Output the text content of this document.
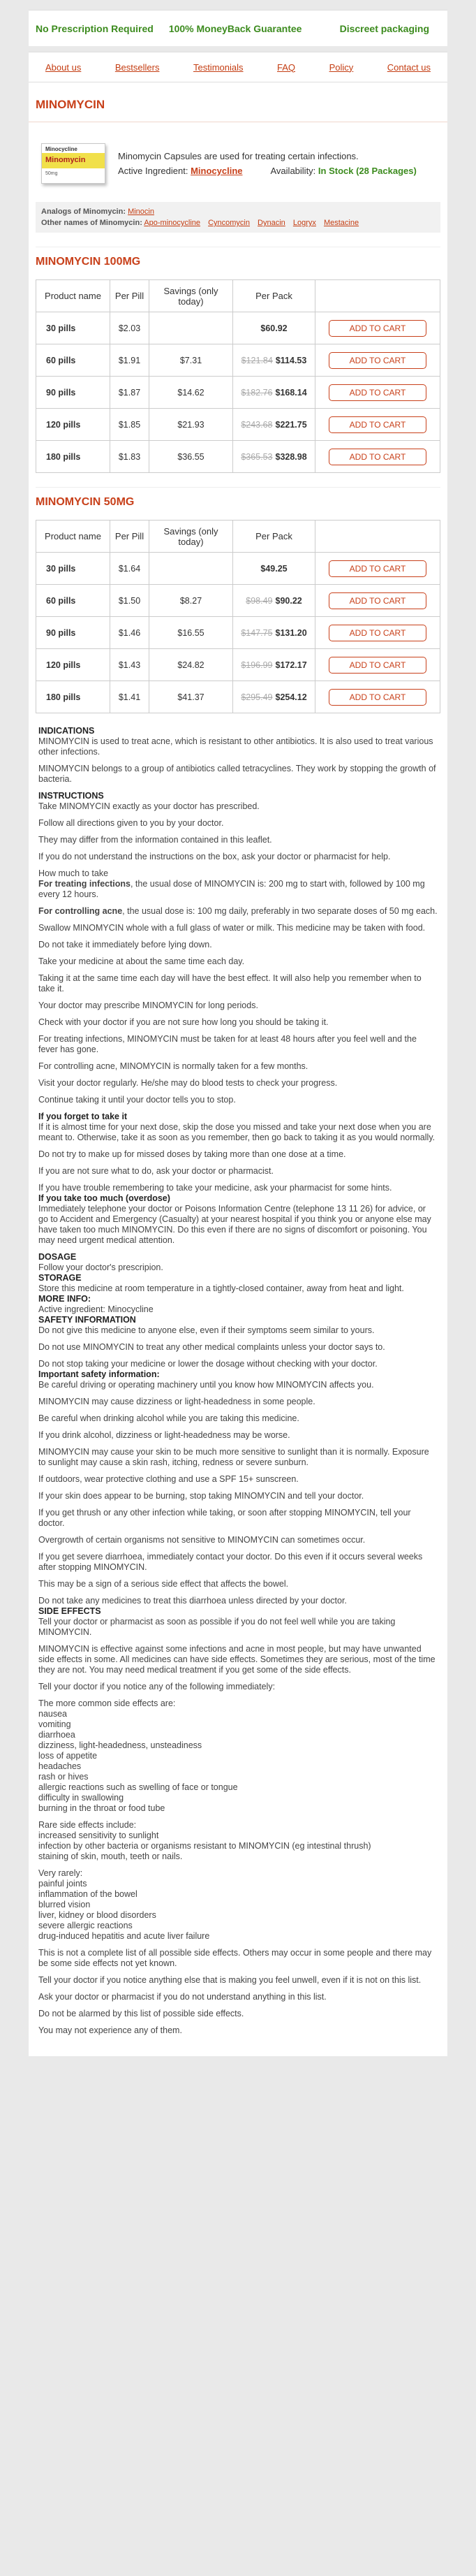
No Prescription Required 100% MoneyBack Guarantee	Discreet packaging
About us	Bestsellers	Testimonials	FAQ	Policy	Contact us
MINOMYCIN
Minocycline
Minomycin
50mg
Minomycin Capsules are used for treating certain infections.
Active Ingredient: Minocycline	Availability: In Stock (28 Packages)
Analogs of Minomycin: Minocin
Other names of Minomycin: Apo-minocycline Cyncomycin Dynacin Logryx Mestacine
MINOMYCIN 100MG
Product name	Per Pill	Savings (only today)	Per Pack	
30 pills	$2.03		$60.92	ADD TO CART
60 pills	$1.91	$7.31	$121.84 $114.53	ADD TO CART
90 pills	$1.87	$14.62	$182.76 $168.14	ADD TO CART
120 pills	$1.85	$21.93	$243.68 $221.75	ADD TO CART
180 pills	$1.83	$36.55	$365.53 $328.98	ADD TO CART
MINOMYCIN 50MG
Product name	Per Pill	Savings (only today)	Per Pack	
30 pills	$1.64		$49.25	ADD TO CART
60 pills	$1.50	$8.27	$98.49 $90.22	ADD TO CART
90 pills	$1.46	$16.55	$147.75 $131.20	ADD TO CART
120 pills	$1.43	$24.82	$196.99 $172.17	ADD TO CART
180 pills	$1.41	$41.37	$295.49 $254.12	ADD TO CART
INDICATIONS
MINOMYCIN is used to treat acne, which is resistant to other antibiotics. It is also used to treat various other infections.
MINOMYCIN belongs to a group of antibiotics called tetracyclines. They work by stopping the growth of bacteria.
INSTRUCTIONS
Take MINOMYCIN exactly as your doctor has prescribed.
Follow all directions given to you by your doctor.
They may differ from the information contained in this leaflet.
If you do not understand the instructions on the box, ask your doctor or pharmacist for help.
How much to take
For treating infections, the usual dose of MINOMYCIN is: 200 mg to start with, followed by 100 mg every 12 hours.
For controlling acne, the usual dose is: 100 mg daily, preferably in two separate doses of 50 mg each.
Swallow MINOMYCIN whole with a full glass of water or milk. This medicine may be taken with food.
Do not take it immediately before lying down.
Take your medicine at about the same time each day.
Taking it at the same time each day will have the best effect. It will also help you remember when to take it.
Your doctor may prescribe MINOMYCIN for long periods.
Check with your doctor if you are not sure how long you should be taking it.
For treating infections, MINOMYCIN must be taken for at least 48 hours after you feel well and the fever has gone.
For controlling acne, MINOMYCIN is normally taken for a few months.
Visit your doctor regularly. He/she may do blood tests to check your progress.
Continue taking it until your doctor tells you to stop.
If you forget to take it
If it is almost time for your next dose, skip the dose you missed and take your next dose when you are meant to. Otherwise, take it as soon as you remember, then go back to taking it as you would normally.
Do not try to make up for missed doses by taking more than one dose at a time.
If you are not sure what to do, ask your doctor or pharmacist.
If you have trouble remembering to take your medicine, ask your pharmacist for some hints.
If you take too much (overdose)
Immediately telephone your doctor or Poisons Information Centre (telephone 13 11 26) for advice, or go to Accident and Emergency (Casualty) at your nearest hospital if you think you or anyone else may have taken too much MINOMYCIN. Do this even if there are no signs of discomfort or poisoning. You may need urgent medical attention.
DOSAGE
Follow your doctor's prescripion.
STORAGE
Store this medicine at room temperature in a tightly-closed container, away from heat and light.
MORE INFO:
Active ingredient: Minocycline
SAFETY INFORMATION
Do not give this medicine to anyone else, even if their symptoms seem similar to yours.
Do not use MINOMYCIN to treat any other medical complaints unless your doctor says to.
Do not stop taking your medicine or lower the dosage without checking with your doctor.
Important safety information:
Be careful driving or operating machinery until you know how MINOMYCIN affects you.
MINOMYCIN may cause dizziness or light-headedness in some people.
Be careful when drinking alcohol while you are taking this medicine.
If you drink alcohol, dizziness or light-headedness may be worse.
MINOMYCIN may cause your skin to be much more sensitive to sunlight than it is normally. Exposure to sunlight may cause a skin rash, itching, redness or severe sunburn.
If outdoors, wear protective clothing and use a SPF 15+ sunscreen.
If your skin does appear to be burning, stop taking MINOMYCIN and tell your doctor.
If you get thrush or any other infection while taking, or soon after stopping MINOMYCIN, tell your doctor.
Overgrowth of certain organisms not sensitive to MINOMYCIN can sometimes occur.
If you get severe diarrhoea, immediately contact your doctor. Do this even if it occurs several weeks after stopping MINOMYCIN.
This may be a sign of a serious side effect that affects the bowel.
Do not take any medicines to treat this diarrhoea unless directed by your doctor.
SIDE EFFECTS
Tell your doctor or pharmacist as soon as possible if you do not feel well while you are taking MINOMYCIN.
MINOMYCIN is effective against some infections and acne in most people, but may have unwanted side effects in some. All medicines can have side effects. Sometimes they are serious, most of the time they are not. You may need medical treatment if you get some of the side effects.
Tell your doctor if you notice any of the following immediately:
The more common side effects are:
nausea
vomiting
diarrhoea
dizziness, light-headedness, unsteadiness
loss of appetite
headaches
rash or hives
allergic reactions such as swelling of face or tongue
difficulty in swallowing
burning in the throat or food tube
Rare side effects include:
increased sensitivity to sunlight
infection by other bacteria or organisms resistant to MINOMYCIN (eg intestinal thrush)
staining of skin, mouth, teeth or nails.
Very rarely:
painful joints
inflammation of the bowel
blurred vision
liver, kidney or blood disorders
severe allergic reactions
drug-induced hepatitis and acute liver failure
This is not a complete list of all possible side effects. Others may occur in some people and there may be some side effects not yet known.
Tell your doctor if you notice anything else that is making you feel unwell, even if it is not on this list.
Ask your doctor or pharmacist if you do not understand anything in this list.
Do not be alarmed by this list of possible side effects.
You may not experience any of them.
